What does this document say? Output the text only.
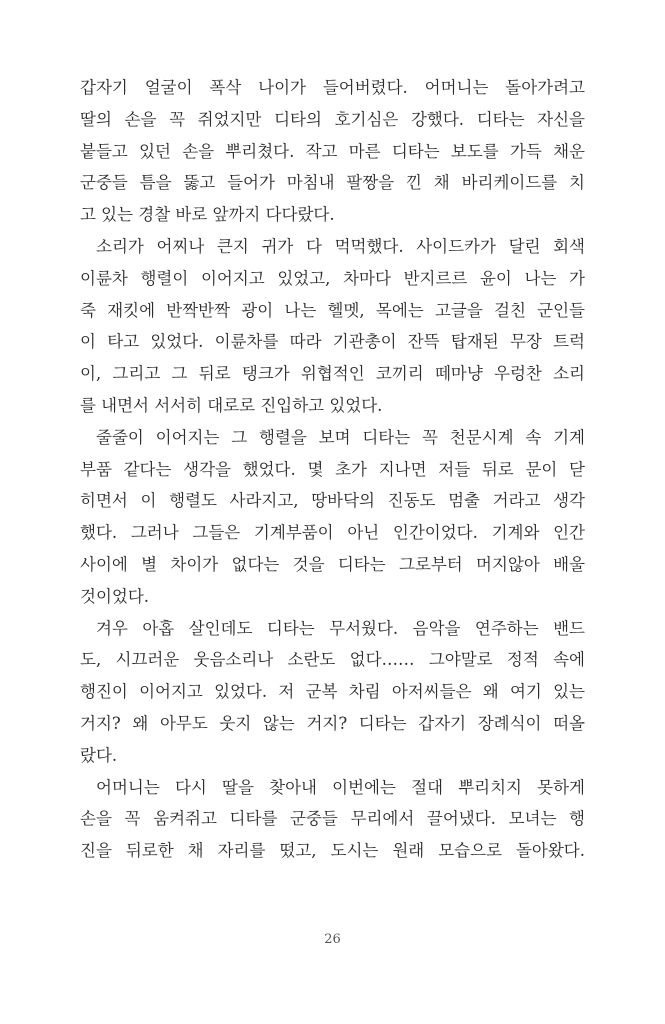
갑자기 얼굴이 폭삭 나이가 들어버렸다. 어머니는 돌아가려고
딸의 손을 꼭 쥐었지만 디타의 호기심은 강했다. 디타는 자신을
붙들고 있던 손을 뿌리쳤다. 작고 마른 디타는 보도를 가득 채운
군중들 틈을 뚫고 들어가 마침내 팔짱을 낀 채 바리케이드를 치
고 있는 경찰 바로 앞까지 다다랐다.
소리가 어찌나 큰지 귀가 다 먹먹했다. 사이드카가 달린 회색
이륜차 행렬이 이어지고 있었고, 차마다 반지르르 윤이 나는 가
죽 재킷에 반짝반짝 광이 나는 헬멧, 목에는 고글을 걸친 군인들
이 타고 있었다. 이륜차를 따라 기관총이 잔뜩 탑재된 무장 트럭
이, 그리고 그 뒤로 탱크가 위협적인 코끼리 떼마냥 우렁찬 소리
를 내면서 서서히 대로로 진입하고 있었다.
줄줄이 이어지는 그 행렬을 보며 디타는 꼭 천문시계 속 기계
부품 같다는 생각을 했었다. 몇 초가 지나면 저들 뒤로 문이 닫
히면서 이 행렬도 사라지고, 땅바닥의 진동도 멈출 거라고 생각
했다. 그러나 그들은 기계부품이 아닌 인간이었다. 기계와 인간
사이에 별 차이가 없다는 것을 디타는 그로부터 머지않아 배울
것이었다.
겨우 아홉 살인데도 디타는 무서웠다. 음악을 연주하는 밴드
도, 시끄러운 웃음소리나 소란도 없다…… 그야말로 정적 속에
행진이 이어지고 있었다. 저 군복 차림 아저씨들은 왜 여기 있는
거지? 왜 아무도 웃지 않는 거지? 디타는 갑자기 장례식이 떠올
랐다.
어머니는 다시 딸을 찾아내 이번에는 절대 뿌리치지 못하게
손을 꼭 움켜쥐고 디타를 군중들 무리에서 끌어냈다. 모녀는 행
진을 뒤로한 채 자리를 떴고, 도시는 원래 모습으로 돌아왔다.
26
